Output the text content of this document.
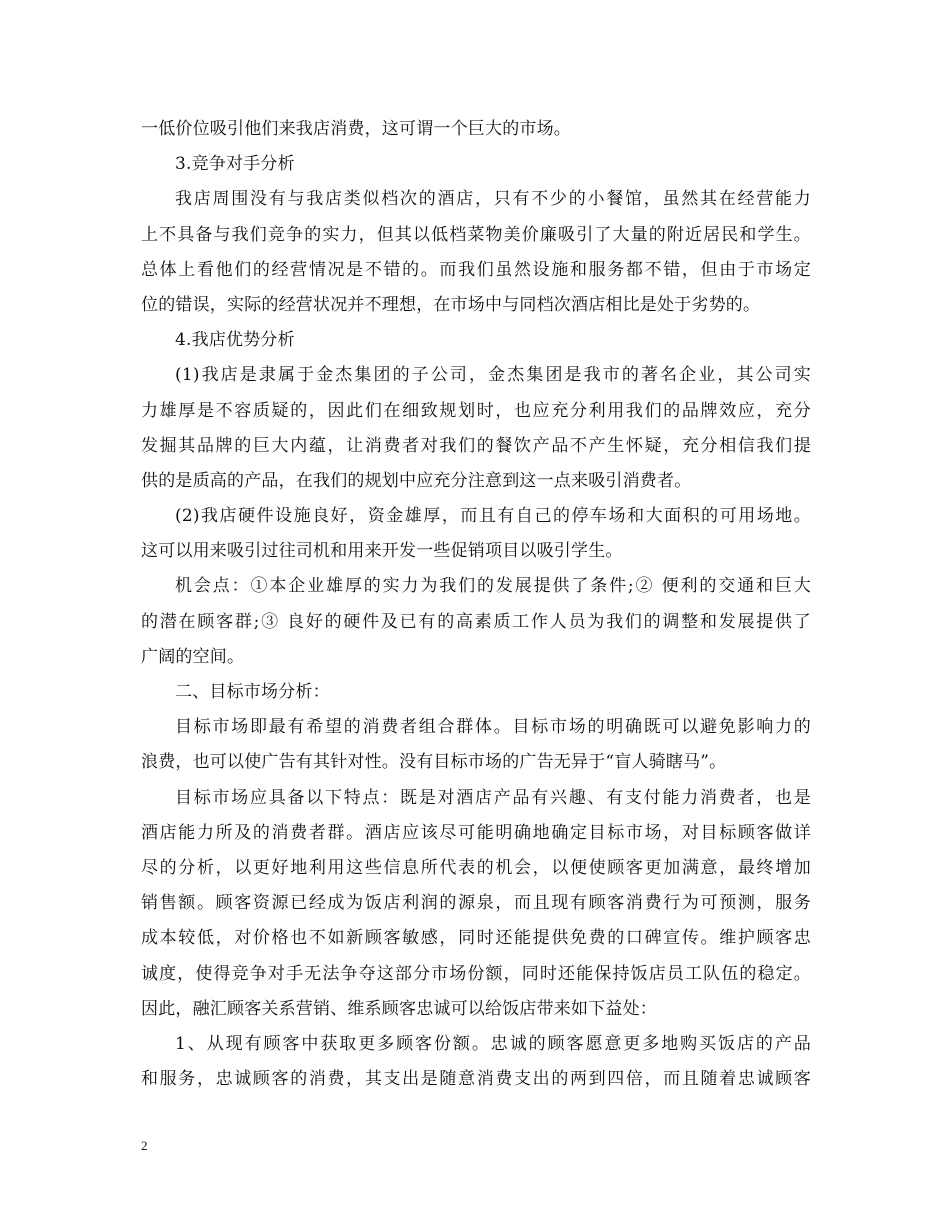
一低价位吸引他们来我店消费，这可谓一个巨大的市场。
3.竞争对手分析
我店周围没有与我店类似档次的酒店，只有不少的小餐馆，虽然其在经营能力
上不具备与我们竞争的实力，但其以低档菜物美价廉吸引了大量的附近居民和学生。
总体上看他们的经营情况是不错的。而我们虽然设施和服务都不错，但由于市场定
位的错误，实际的经营状况并不理想，在市场中与同档次酒店相比是处于劣势的。
4.我店优势分析
(1)我店是隶属于金杰集团的子公司，金杰集团是我市的著名企业，其公司实
力雄厚是不容质疑的，因此们在细致规划时，也应充分利用我们的品牌效应，充分
发掘其品牌的巨大内蕴，让消费者对我们的餐饮产品不产生怀疑，充分相信我们提
供的是质高的产品，在我们的规划中应充分注意到这一点来吸引消费者。
(2)我店硬件设施良好，资金雄厚，而且有自己的停车场和大面积的可用场地。
这可以用来吸引过往司机和用来开发一些促销项目以吸引学生。
机会点：①本企业雄厚的实力为我们的发展提供了条件;② 便利的交通和巨大
的潜在顾客群;③ 良好的硬件及已有的高素质工作人员为我们的调整和发展提供了
广阔的空间。
二、目标市场分析：
目标市场即最有希望的消费者组合群体。目标市场的明确既可以避免影响力的
浪费，也可以使广告有其针对性。没有目标市场的广告无异于“盲人骑瞎马”。
目标市场应具备以下特点：既是对酒店产品有兴趣、有支付能力消费者，也是
酒店能力所及的消费者群。酒店应该尽可能明确地确定目标市场，对目标顾客做详
尽的分析，以更好地利用这些信息所代表的机会，以便使顾客更加满意，最终增加
销售额。顾客资源已经成为饭店利润的源泉，而且现有顾客消费行为可预测，服务
成本较低，对价格也不如新顾客敏感，同时还能提供免费的口碑宣传。维护顾客忠
诚度，使得竞争对手无法争夺这部分市场份额，同时还能保持饭店员工队伍的稳定。
因此，融汇顾客关系营销、维系顾客忠诚可以给饭店带来如下益处：
1、从现有顾客中获取更多顾客份额。忠诚的顾客愿意更多地购买饭店的产品
和服务，忠诚顾客的消费，其支出是随意消费支出的两到四倍，而且随着忠诚顾客
2
